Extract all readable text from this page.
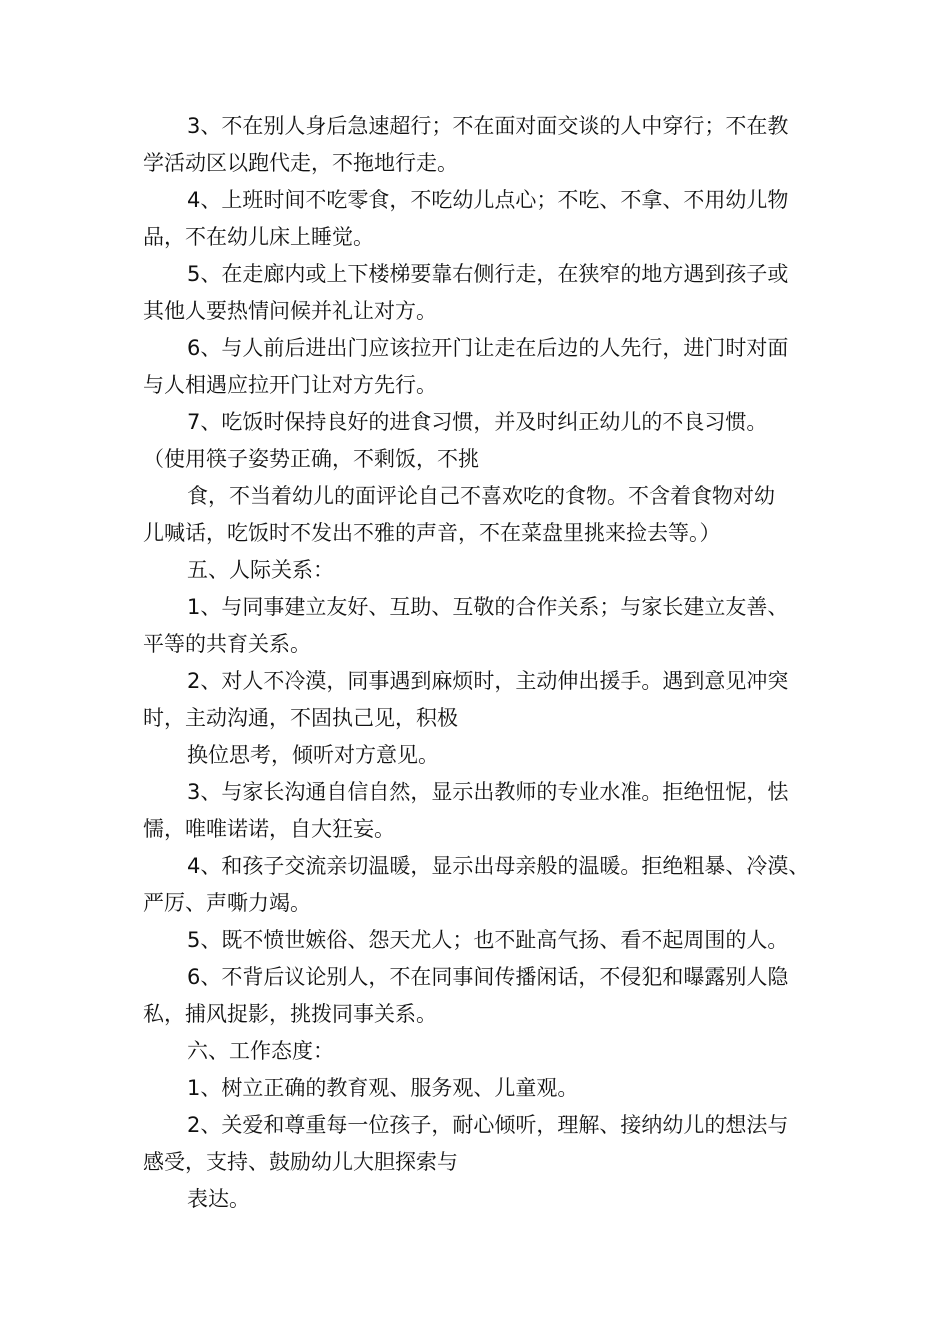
3、不在别人身后急速超行；不在面对面交谈的人中穿行；不在教

学活动区以跑代走，不拖地行走。

4、上班时间不吃零食，不吃幼儿点心；不吃、不拿、不用幼儿物

品，不在幼儿床上睡觉。

5、在走廊内或上下楼梯要靠右侧行走，在狭窄的地方遇到孩子或

其他人要热情问候并礼让对方。

6、与人前后进出门应该拉开门让走在后边的人先行，进门时对面

与人相遇应拉开门让对方先行。

7、吃饭时保持良好的进食习惯，并及时纠正幼儿的不良习惯。

（使用筷子姿势正确，不剩饭，不挑

食，不当着幼儿的面评论自己不喜欢吃的食物。不含着食物对幼

儿喊话，吃饭时不发出不雅的声音，不在菜盘里挑来捡去等。）

五、人际关系：

1、与同事建立友好、互助、互敬的合作关系；与家长建立友善、

平等的共育关系。

2、对人不冷漠，同事遇到麻烦时，主动伸出援手。遇到意见冲突

时，主动沟通，不固执己见，积极

换位思考，倾听对方意见。

3、与家长沟通自信自然，显示出教师的专业水准。拒绝忸怩，怯

懦，唯唯诺诺，自大狂妄。

4、和孩子交流亲切温暖，显示出母亲般的温暖。拒绝粗暴、冷漠、

严厉、声嘶力竭。

5、既不愤世嫉俗、怨天尤人；也不趾高气扬、看不起周围的人。

6、不背后议论别人，不在同事间传播闲话，不侵犯和曝露别人隐

私，捕风捉影，挑拨同事关系。

六、工作态度：

1、树立正确的教育观、服务观、儿童观。

2、关爱和尊重每一位孩子，耐心倾听，理解、接纳幼儿的想法与

感受，支持、鼓励幼儿大胆探索与

表达。
